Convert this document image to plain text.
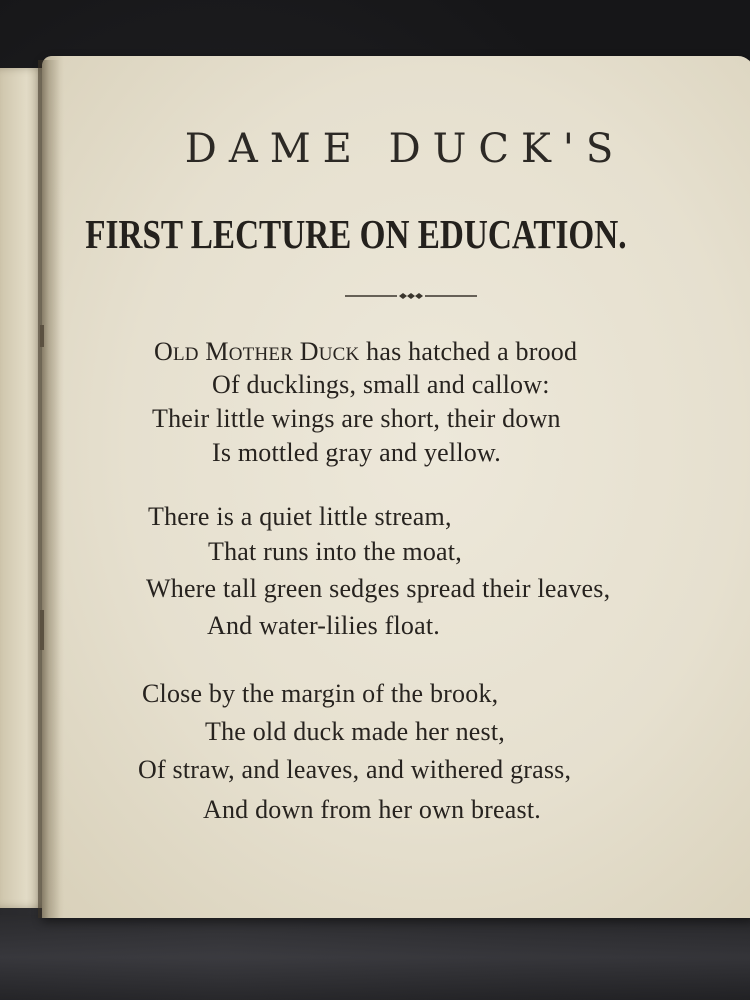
DAME DUCK'S
FIRST LECTURE ON EDUCATION.
OLD MOTHER DUCK has hatched a brood
Of ducklings, small and callow:
Their little wings are short, their down
Is mottled gray and yellow.
There is a quiet little stream,
That runs into the moat,
Where tall green sedges spread their leaves,
And water-lilies float.
Close by the margin of the brook,
The old duck made her nest,
Of straw, and leaves, and withered grass,
And down from her own breast.
